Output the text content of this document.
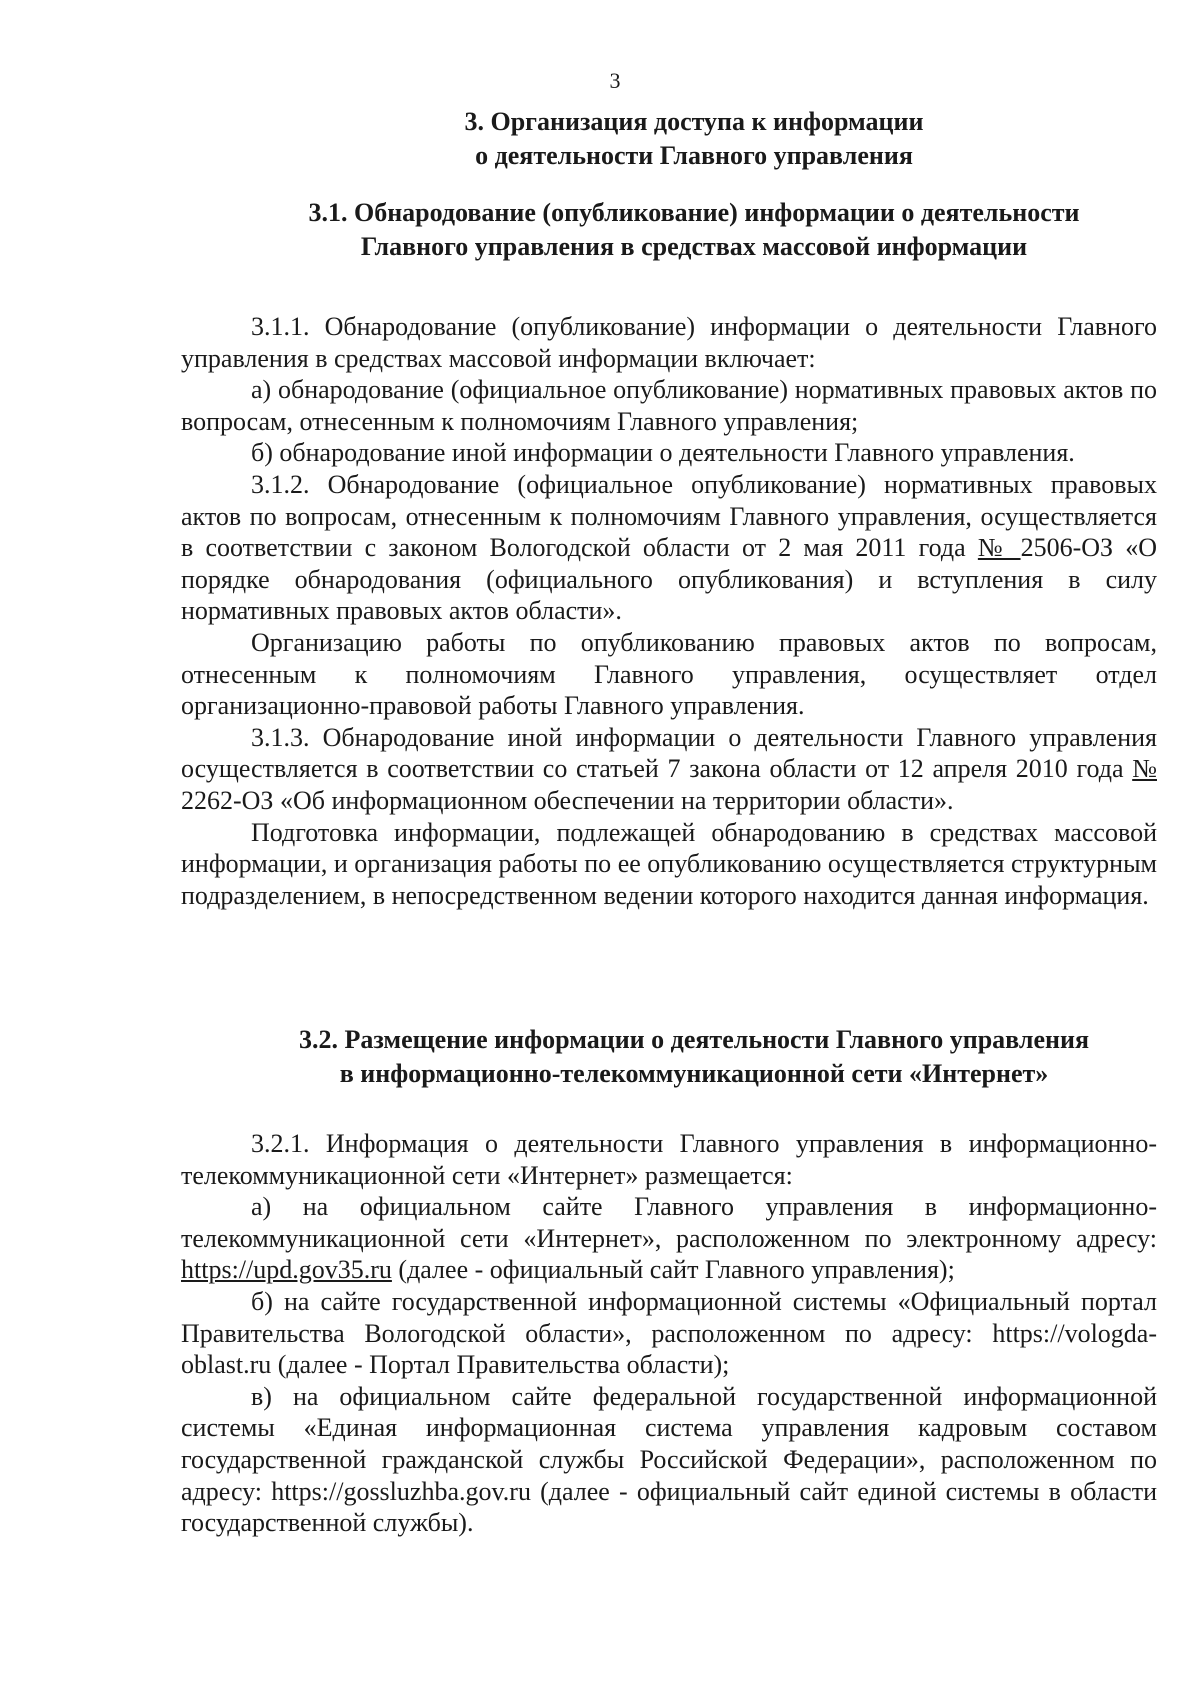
3
3. Организация доступа к информации
о деятельности Главного управления
3.1. Обнародование (опубликование) информации о деятельности
Главного управления в средствах массовой информации

3.1.1. Обнародование (опубликование) информации о деятельности Главного управления в средствах массовой информации включает:

а) обнародование (официальное опубликование) нормативных правовых актов по вопросам, отнесенным к полномочиям Главного управления;

б) обнародование иной информации о деятельности Главного управления.

3.1.2. Обнародование (официальное опубликование) нормативных правовых актов по вопросам, отнесенным к полномочиям Главного управления, осуществляется в соответствии с законом Вологодской области от 2 мая 2011 года № 2506-ОЗ «О порядке обнародования (официального опубликования) и вступления в силу нормативных правовых актов области».

Организацию работы по опубликованию правовых актов по вопросам, отнесенным к полномочиям Главного управления, осуществляет отдел организационно-правовой работы Главного управления.

3.1.3. Обнародование иной информации о деятельности Главного управления осуществляется в соответствии со статьей 7 закона области от 12 апреля 2010 года № 2262-ОЗ «Об информационном обеспечении на территории области».

Подготовка информации, подлежащей обнародованию в средствах массовой информации, и организация работы по ее опубликованию осуществляется структурным подразделением, в непосредственном ведении которого находится данная информация.

3.2. Размещение информации о деятельности Главного управления
в информационно-телекоммуникационной сети «Интернет»

3.2.1. Информация о деятельности Главного управления в информационно-телекоммуникационной сети «Интернет» размещается:

а) на официальном сайте Главного управления в информационно-телекоммуникационной сети «Интернет», расположенном по электронному адресу: https://upd.gov35.ru (далее - официальный сайт Главного управления);

б) на сайте государственной информационной системы «Официальный портал Правительства Вологодской области», расположенном по адресу: https://vologda-oblast.ru (далее - Портал Правительства области);

в) на официальном сайте федеральной государственной информационной системы «Единая информационная система управления кадровым составом государственной гражданской службы Российской Федерации», расположенном по адресу: https://gossluzhba.gov.ru (далее - официальный сайт единой системы в области государственной службы).
